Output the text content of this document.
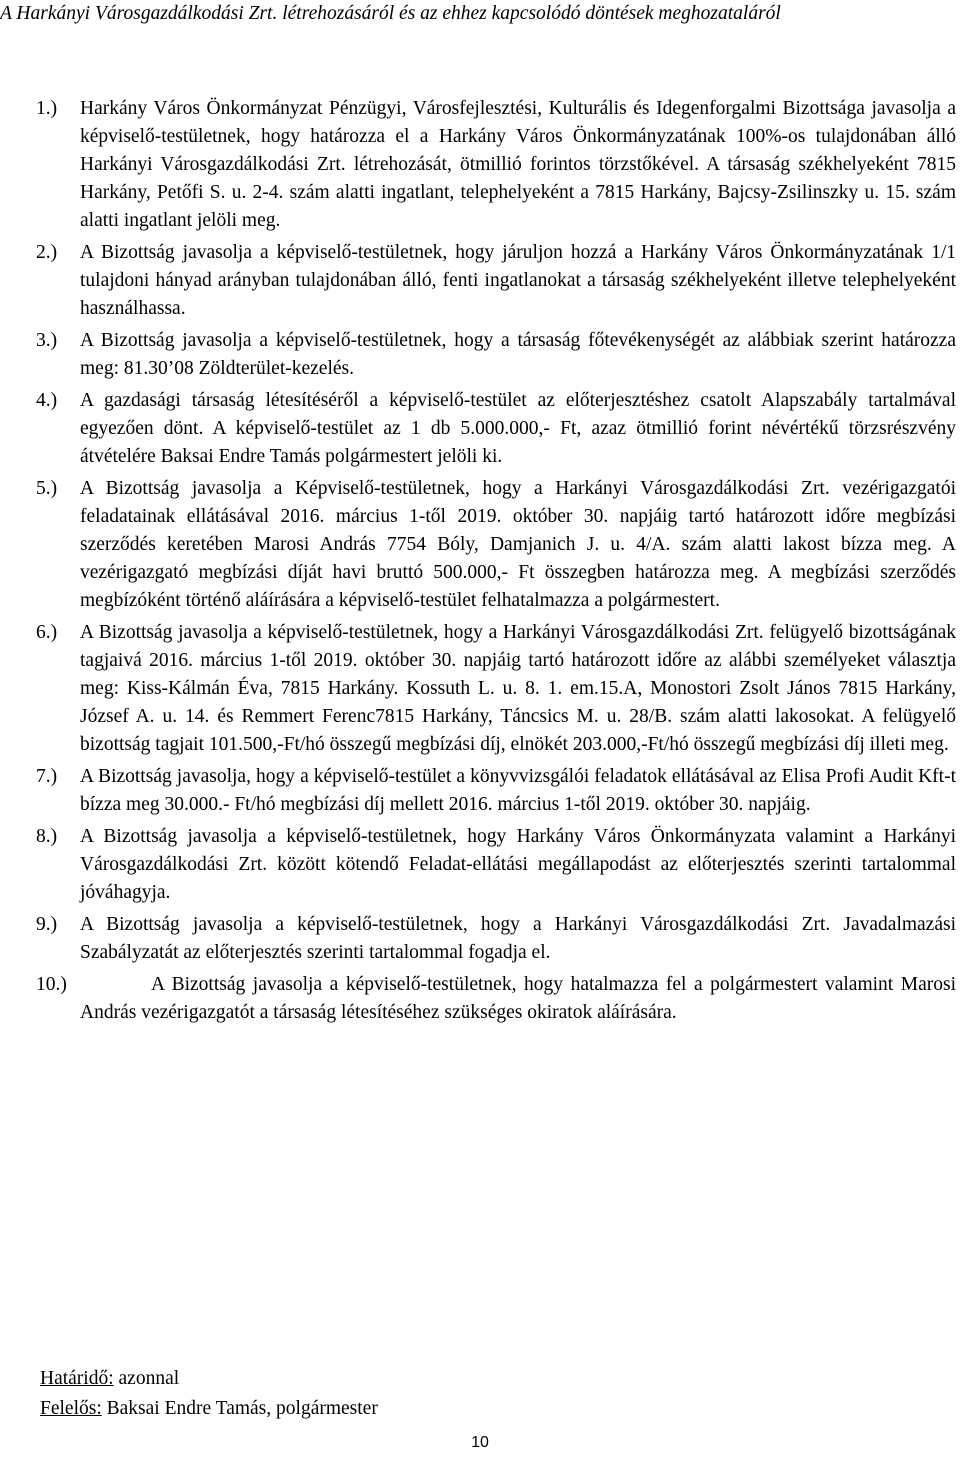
A Harkányi Városgazdálkodási Zrt. létrehozásáról és az ehhez kapcsolódó döntések meghozataláról
1.)	Harkány Város Önkormányzat Pénzügyi, Városfejlesztési, Kulturális és Idegenforgalmi Bizottsága javasolja a képviselő-testületnek, hogy határozza el a Harkány Város Önkormányzatának 100%-os tulajdonában álló Harkányi Városgazdálkodási Zrt. létrehozását, ötmillió forintos törzstőkével. A társaság székhelyeként 7815 Harkány, Petőfi S. u. 2-4. szám alatti ingatlant, telephelyeként a 7815 Harkány, Bajcsy-Zsilinszky u. 15. szám alatti ingatlant jelöli meg.
2.)	A Bizottság javasolja a képviselő-testületnek, hogy járuljon hozzá a Harkány Város Önkormányzatának 1/1 tulajdoni hányad arányban tulajdonában álló, fenti ingatlanokat a társaság székhelyeként illetve telephelyeként használhassa.
3.)	A Bizottság javasolja a képviselő-testületnek, hogy a társaság főtevékenységét az alábbiak szerint határozza meg: 81.30’08 Zöldterület-kezelés.
4.)	A gazdasági társaság létesítéséről a képviselő-testület az előterjesztéshez csatolt Alapszabály tartalmával egyezően dönt. A képviselő-testület az 1 db 5.000.000,- Ft, azaz ötmillió forint névértékű törzsrészvény átvételére Baksai Endre Tamás polgármestert jelöli ki.
5.)	A Bizottság javasolja a Képviselő-testületnek, hogy a Harkányi Városgazdálkodási Zrt. vezérigazgatói feladatainak ellátásával 2016. március 1-től 2019. október 30. napjáig tartó határozott időre megbízási szerződés keretében Marosi András 7754 Bóly, Damjanich J. u. 4/A. szám alatti lakost bízza meg. A vezérigazgató megbízási díját havi bruttó 500.000,- Ft összegben határozza meg. A megbízási szerződés megbízóként történő aláírására a képviselő-testület felhatalmazza a polgármestert.
6.)	A Bizottság javasolja a képviselő-testületnek, hogy a Harkányi Városgazdálkodási Zrt. felügyelő bizottságának tagjaivá 2016. március 1-től 2019. október 30. napjáig tartó határozott időre az alábbi személyeket választja meg: Kiss-Kálmán Éva, 7815 Harkány. Kossuth L. u. 8. 1. em.15.A, Monostori Zsolt János 7815 Harkány, József A. u. 14. és Remmert Ferenc7815 Harkány, Táncsics M. u. 28/B. szám alatti lakosokat. A felügyelő bizottság tagjait 101.500,-Ft/hó összegű megbízási díj, elnökét 203.000,-Ft/hó összegű megbízási díj illeti meg.
7.)	A Bizottság javasolja, hogy a képviselő-testület a könyvvizsgálói feladatok ellátásával az Elisa Profi Audit Kft-t bízza meg 30.000.- Ft/hó megbízási díj mellett 2016. március 1-től 2019. október 30. napjáig.
8.)	A Bizottság javasolja a képviselő-testületnek, hogy Harkány Város Önkormányzata valamint a Harkányi Városgazdálkodási Zrt. között kötendő Feladat-ellátási megállapodást az előterjesztés szerinti tartalommal jóváhagyja.
9.)	A Bizottság javasolja a képviselő-testületnek, hogy a Harkányi Városgazdálkodási Zrt. Javadalmazási Szabályzatát az előterjesztés szerinti tartalommal fogadja el.
10.)	A Bizottság javasolja a képviselő-testületnek, hogy hatalmazza fel a polgármestert valamint Marosi András vezérigazgatót a társaság létesítéséhez szükséges okiratok aláírására.
Határidő: azonnal
Felelős: Baksai Endre Tamás, polgármester
10
